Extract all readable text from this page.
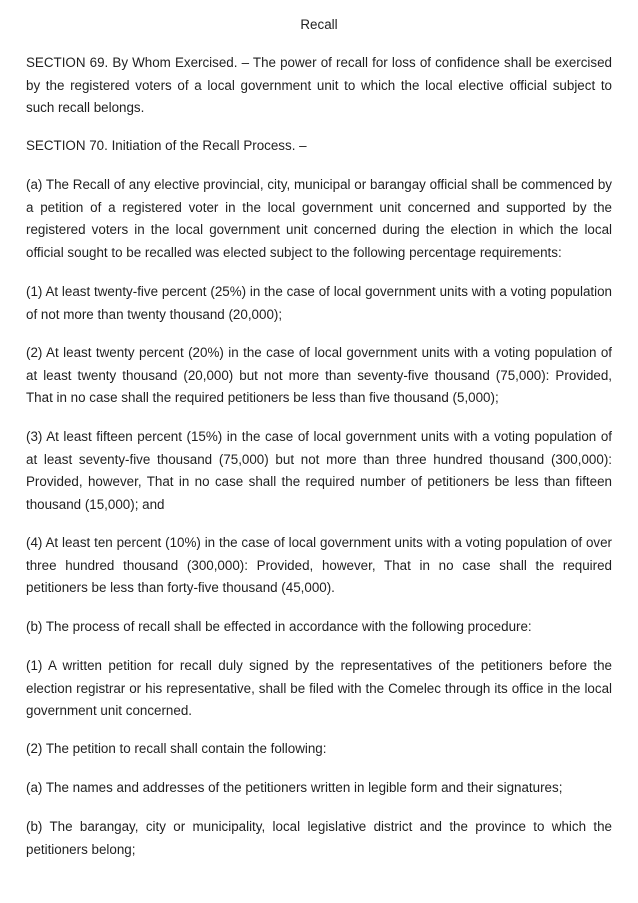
Recall

SECTION 69. By Whom Exercised. – The power of recall for loss of confidence shall be exercised by the registered voters of a local government unit to which the local elective official subject to such recall belongs.

SECTION 70. Initiation of the Recall Process. –

(a) The Recall of any elective provincial, city, municipal or barangay official shall be commenced by a petition of a registered voter in the local government unit concerned and supported by the registered voters in the local government unit concerned during the election in which the local official sought to be recalled was elected subject to the following percentage requirements:

(1) At least twenty-five percent (25%) in the case of local government units with a voting population of not more than twenty thousand (20,000);

(2) At least twenty percent (20%) in the case of local government units with a voting population of at least twenty thousand (20,000) but not more than seventy-five thousand (75,000): Provided, That in no case shall the required petitioners be less than five thousand (5,000);

(3) At least fifteen percent (15%) in the case of local government units with a voting population of at least seventy-five thousand (75,000) but not more than three hundred thousand (300,000): Provided, however, That in no case shall the required number of petitioners be less than fifteen thousand (15,000); and

(4) At least ten percent (10%) in the case of local government units with a voting population of over three hundred thousand (300,000): Provided, however, That in no case shall the required petitioners be less than forty-five thousand (45,000).

(b) The process of recall shall be effected in accordance with the following procedure:

(1) A written petition for recall duly signed by the representatives of the petitioners before the election registrar or his representative, shall be filed with the Comelec through its office in the local government unit concerned.

(2) The petition to recall shall contain the following:

(a) The names and addresses of the petitioners written in legible form and their signatures;

(b) The barangay, city or municipality, local legislative district and the province to which the petitioners belong;
